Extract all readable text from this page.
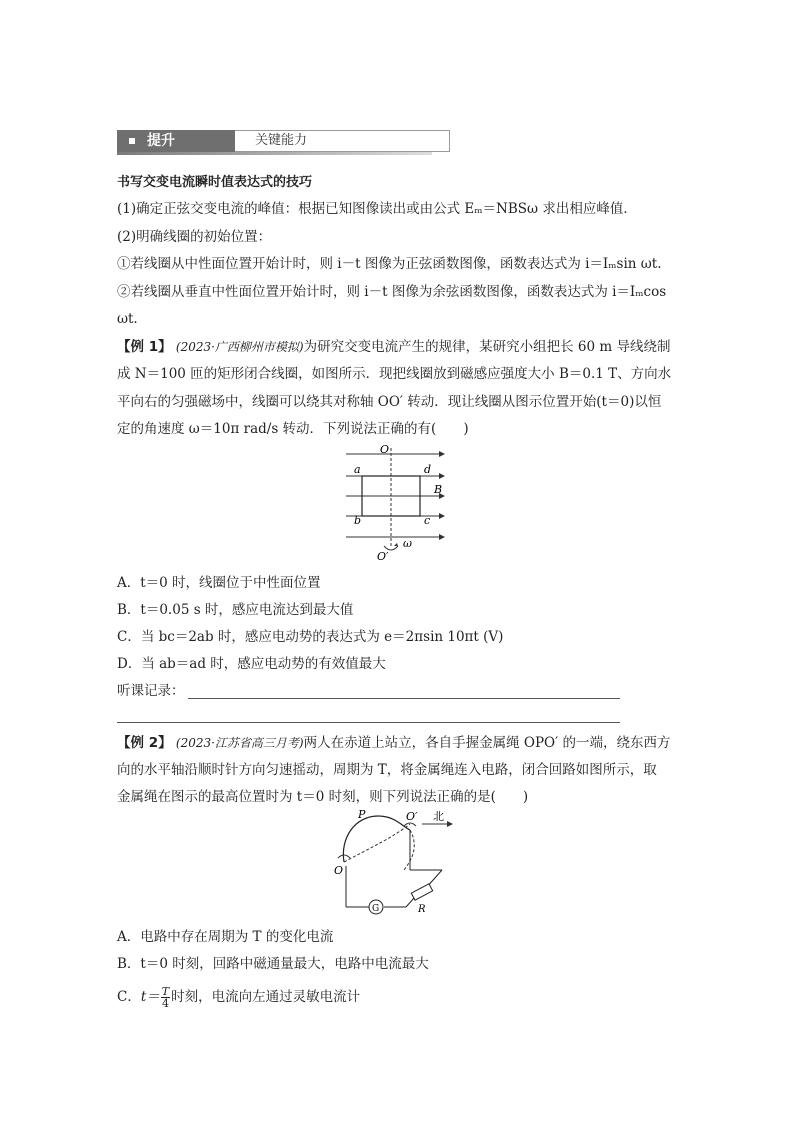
提升	关键能力
书写交变电流瞬时值表达式的技巧
(1)确定正弦交变电流的峰值：根据已知图像读出或由公式 Eₘ＝NBSω 求出相应峰值．
(2)明确线圈的初始位置：
①若线圈从中性面位置开始计时，则 i－t 图像为正弦函数图像，函数表达式为 i＝Iₘsin ωt.
②若线圈从垂直中性面位置开始计时，则 i－t 图像为余弦函数图像，函数表达式为 i＝Iₘcos
ωt.
【例 1】 (2023·广西柳州市模拟)为研究交变电流产生的规律，某研究小组把长 60 m 导线绕制
成 N＝100 匝的矩形闭合线圈，如图所示．现把线圈放到磁感应强度大小 B＝0.1 T、方向水
平向右的匀强磁场中，线圈可以绕其对称轴 OO′ 转动．现让线圈从图示位置开始(t＝0)以恒
定的角速度 ω＝10π rad/s 转动．下列说法正确的有(　　)
O
a	d
B
b	c
O′
ω
A．t＝0 时，线圈位于中性面位置
B．t＝0.05 s 时，感应电流达到最大值
C．当 bc＝2ab 时，感应电动势的表达式为 e＝2πsin 10πt (V)
D．当 ab＝ad 时，感应电动势的有效值最大
听课记录：
【例 2】 (2023·江苏省高三月考)两人在赤道上站立，各自手握金属绳 OPO′ 的一端，绕东西方
向的水平轴沿顺时针方向匀速摇动，周期为 T，将金属绳连入电路，闭合回路如图所示，取
金属绳在图示的最高位置时为 t＝0 时刻，则下列说法正确的是(　　)
P	O′ 北
O
G	R
A．电路中存在周期为 T 的变化电流
B．t＝0 时刻，回路中磁通量最大，电路中电流最大
C．$t= \frac{T}{4}$ 时刻，电流向左通过灵敏电流计
